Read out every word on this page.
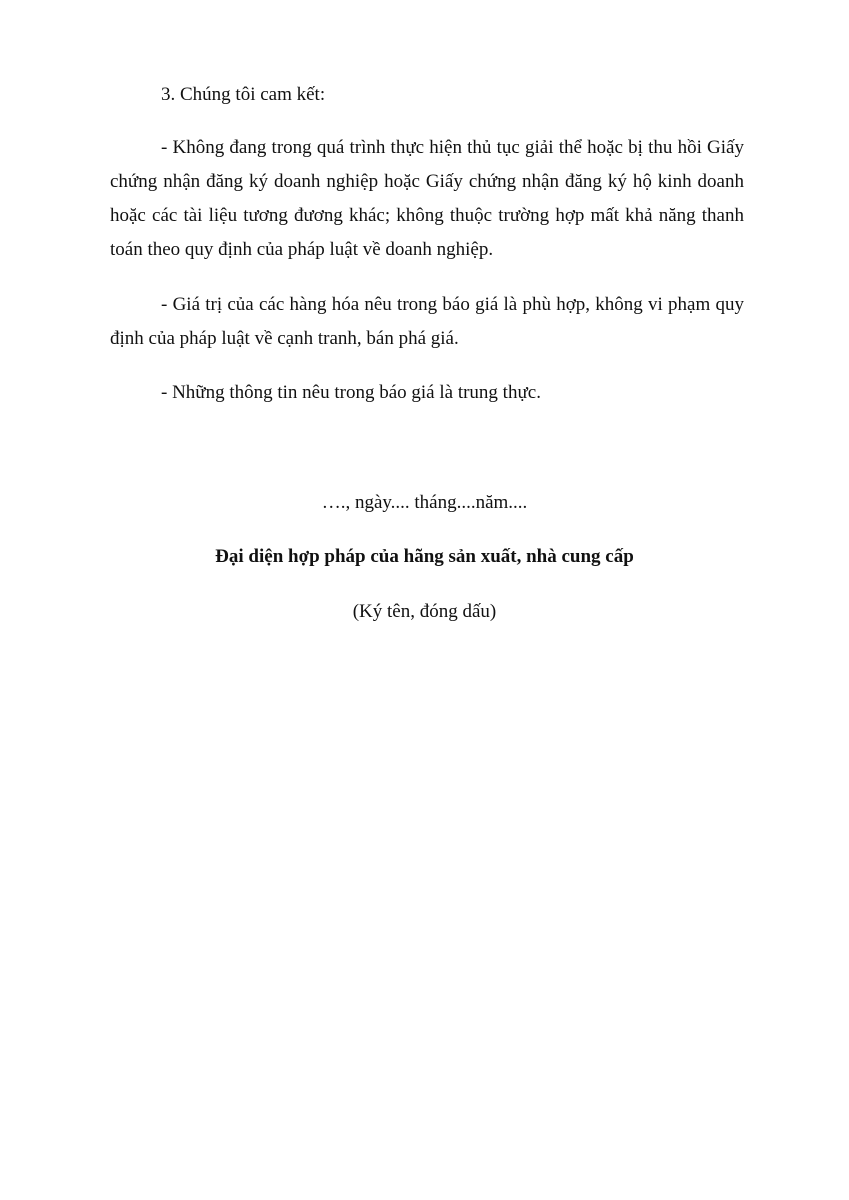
3. Chúng tôi cam kết:
- Không đang trong quá trình thực hiện thủ tục giải thể hoặc bị thu hồi Giấy chứng nhận đăng ký doanh nghiệp hoặc Giấy chứng nhận đăng ký hộ kinh doanh hoặc các tài liệu tương đương khác; không thuộc trường hợp mất khả năng thanh toán theo quy định của pháp luật về doanh nghiệp.
- Giá trị của các hàng hóa nêu trong báo giá là phù hợp, không vi phạm quy định của pháp luật về cạnh tranh, bán phá giá.
- Những thông tin nêu trong báo giá là trung thực.
…., ngày.... tháng....năm....
Đại diện hợp pháp của hãng sản xuất, nhà cung cấp
(Ký tên, đóng dấu)
